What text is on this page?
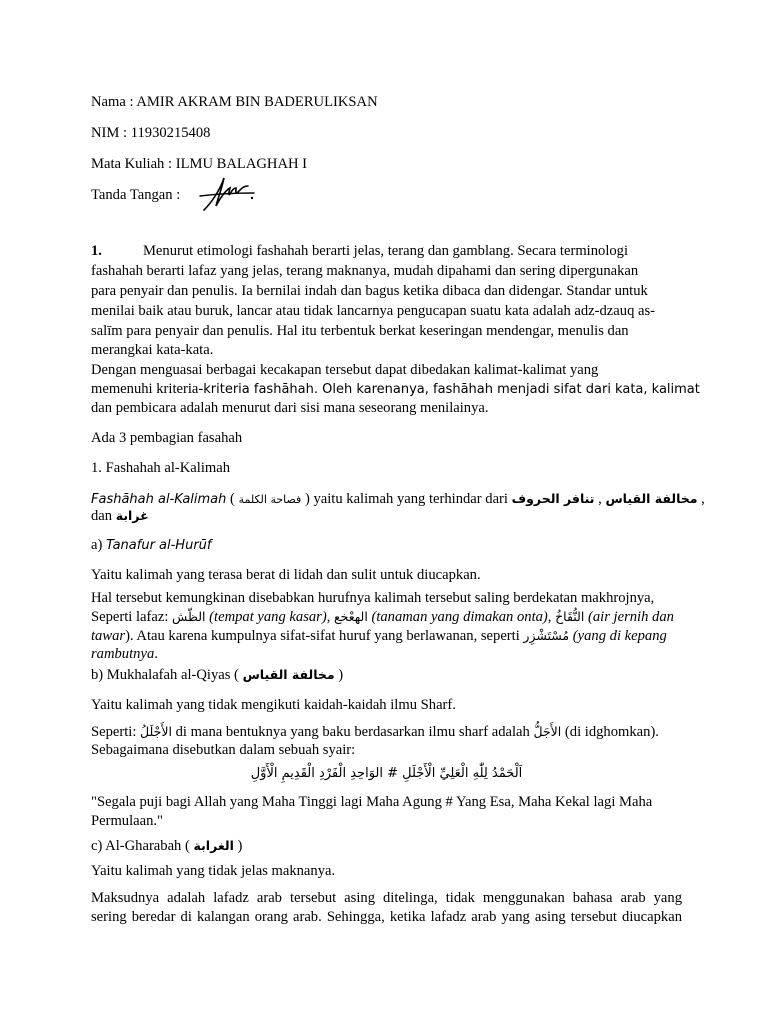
Nama : AMIR AKRAM BIN BADERULIKSAN
NIM : 11930215408
Mata Kuliah : ILMU BALAGHAH I
Tanda Tangan :
1.	Menurut etimologi fashahah berarti jelas, terang dan gamblang. Secara terminologi
fashahah berarti lafaz yang jelas, terang maknanya, mudah dipahami dan sering dipergunakan
para penyair dan penulis. Ia bernilai indah dan bagus ketika dibaca dan didengar. Standar untuk
menilai baik atau buruk, lancar atau tidak lancarnya pengucapan suatu kata adalah adz-dzauq as-
salīm para penyair dan penulis. Hal itu terbentuk berkat keseringan mendengar, menulis dan
merangkai kata-kata.
Dengan menguasai berbagai kecakapan tersebut dapat dibedakan kalimat-kalimat yang
memenuhi kriteria-kriteria fashāhah. Oleh karenanya, fashāhah menjadi sifat dari kata, kalimat
dan pembicara adalah menurut dari sisi mana seseorang menilainya.
Ada 3 pembagian fasahah
1. Fashahah al-Kalimah
Fashāhah al-Kalimah ( فصاحة الكلمة ) yaitu kalimah yang terhindar dari تنافر الحروف , مخالفة القياس ,
dan غرابة
a) Tanafur al-Hurūf
Yaitu kalimah yang terasa berat di lidah dan sulit untuk diucapkan.
Hal tersebut kemungkinan disebabkan hurufnya kalimah tersebut saling berdekatan makhrojnya,
Seperti lafaz: الظّش (tempat yang kasar), الهعْخع (tanaman yang dimakan onta), النُّقَاخُ (air jernih dan
tawar). Atau karena kumpulnya sifat-sifat huruf yang berlawanan, seperti مُسْتَشْزِر (yang di kepang
rambutnya.
b) Mukhalafah al-Qiyas ( مخالفة القياس )
Yaitu kalimah yang tidak mengikuti kaidah-kaidah ilmu Sharf.
Seperti: الأَجْلَلُ di mana bentuknya yang baku berdasarkan ilmu sharf adalah الأَجَلُّ (di idghomkan).
Sebagaimana disebutkan dalam sebuah syair:
اَلْحَمْدُ لِلّٰهِ الْعَلِيِّ الْأَجْلَلِ # الوَاحِدِ الْفَرْدِ الْقَدِيمِ الْأَوَّلِ
"Segala puji bagi Allah yang Maha Tinggi lagi Maha Agung # Yang Esa, Maha Kekal lagi Maha
Permulaan."
c) Al-Gharabah ( الغرابة )
Yaitu kalimah yang tidak jelas maknanya.
Maksudnya adalah lafadz arab tersebut asing ditelinga, tidak menggunakan bahasa arab yang
sering beredar di kalangan orang arab. Sehingga, ketika lafadz arab yang asing tersebut diucapkan
